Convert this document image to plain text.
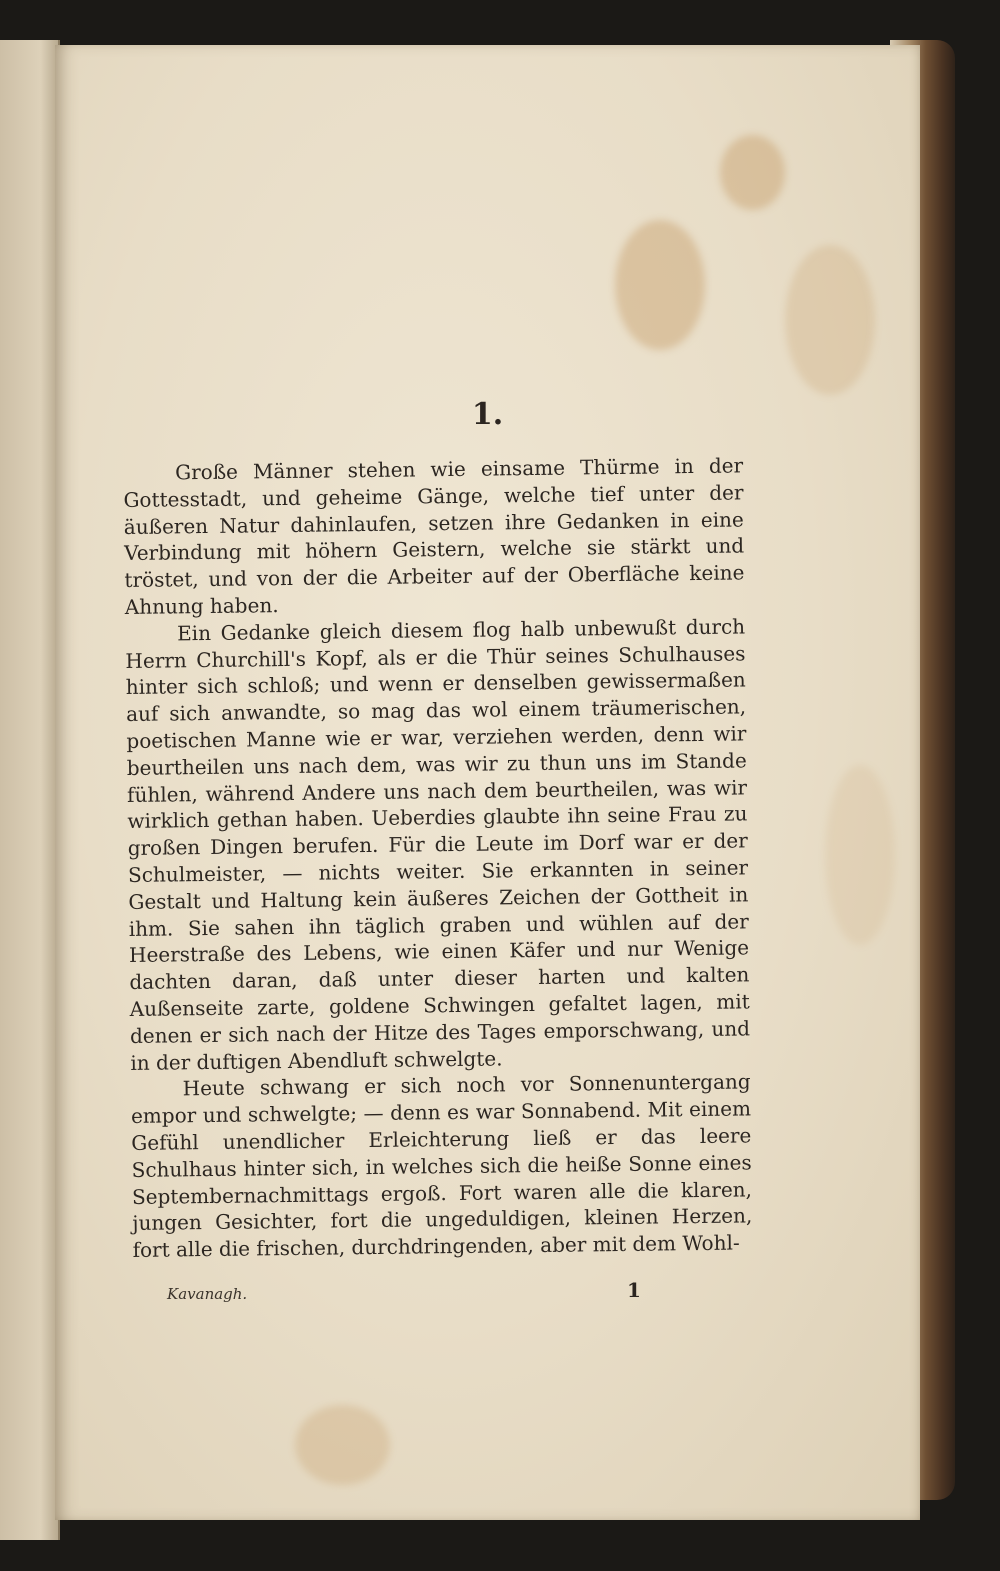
1.

Große Männer stehen wie einsame Thürme in der Gottesstadt, und geheime Gänge, welche tief unter der äußeren Natur dahinlaufen, setzen ihre Gedanken in eine Verbindung mit höhern Geistern, welche sie stärkt und tröstet, und von der die Arbeiter auf der Oberfläche keine Ahnung haben.

Ein Gedanke gleich diesem flog halb unbewußt durch Herrn Churchill's Kopf, als er die Thür seines Schulhauses hinter sich schloß; und wenn er denselben gewissermaßen auf sich anwandte, so mag das wol einem träumerischen, poetischen Manne wie er war, verziehen werden, denn wir beurtheilen uns nach dem, was wir zu thun uns im Stande fühlen, während Andere uns nach dem beurtheilen, was wir wirklich gethan haben. Ueberdies glaubte ihn seine Frau zu großen Dingen berufen. Für die Leute im Dorf war er der Schulmeister, — nichts weiter. Sie erkannten in seiner Gestalt und Haltung kein äußeres Zeichen der Gottheit in ihm. Sie sahen ihn täglich graben und wühlen auf der Heerstraße des Lebens, wie einen Käfer und nur Wenige dachten daran, daß unter dieser harten und kalten Außenseite zarte, goldene Schwingen gefaltet lagen, mit denen er sich nach der Hitze des Tages emporschwang, und in der duftigen Abendluft schwelgte.

Heute schwang er sich noch vor Sonnenuntergang empor und schwelgte; — denn es war Sonnabend. Mit einem Gefühl unendlicher Erleichterung ließ er das leere Schulhaus hinter sich, in welches sich die heiße Sonne eines Septembernachmittags ergoß. Fort waren alle die klaren, jungen Gesichter, fort die ungeduldigen, kleinen Herzen, fort alle die frischen, durchdringenden, aber mit dem Wohl-

Kavanagh.	1
